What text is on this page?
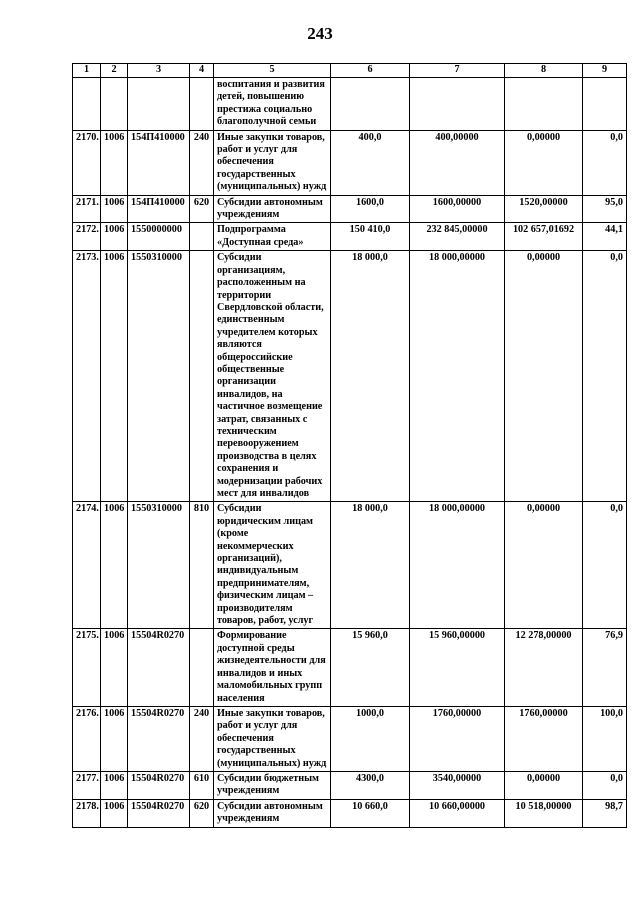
243
1	2	3	4	5	6	7	8	9
				воспитания и развития детей, повышению престижа социально благополучной семьи				
2170.	1006	154П410000	240	Иные закупки товаров, работ и услуг для обеспечения государственных (муниципальных) нужд	400,0	400,00000	0,00000	0,0
2171.	1006	154П410000	620	Субсидии автономным учреждениям	1600,0	1600,00000	1520,00000	95,0
2172.	1006	1550000000		Подпрограмма «Доступная среда»	150 410,0	232 845,00000	102 657,01692	44,1
2173.	1006	1550310000		Субсидии организациям, расположенным на территории Свердловской области, единственным учредителем которых являются общероссийские общественные организации инвалидов, на частичное возмещение затрат, связанных с техническим перевооружением производства в целях сохранения и модернизации рабочих мест для инвалидов	18 000,0	18 000,00000	0,00000	0,0
2174.	1006	1550310000	810	Субсидии юридическим лицам (кроме некоммерческих организаций), индивидуальным предпринимателям, физическим лицам – производителям товаров, работ, услуг	18 000,0	18 000,00000	0,00000	0,0
2175.	1006	15504R0270		Формирование доступной среды жизнедеятельности для инвалидов и иных маломобильных групп населения	15 960,0	15 960,00000	12 278,00000	76,9
2176.	1006	15504R0270	240	Иные закупки товаров, работ и услуг для обеспечения государственных (муниципальных) нужд	1000,0	1760,00000	1760,00000	100,0
2177.	1006	15504R0270	610	Субсидии бюджетным учреждениям	4300,0	3540,00000	0,00000	0,0
2178.	1006	15504R0270	620	Субсидии автономным учреждениям	10 660,0	10 660,00000	10 518,00000	98,7
